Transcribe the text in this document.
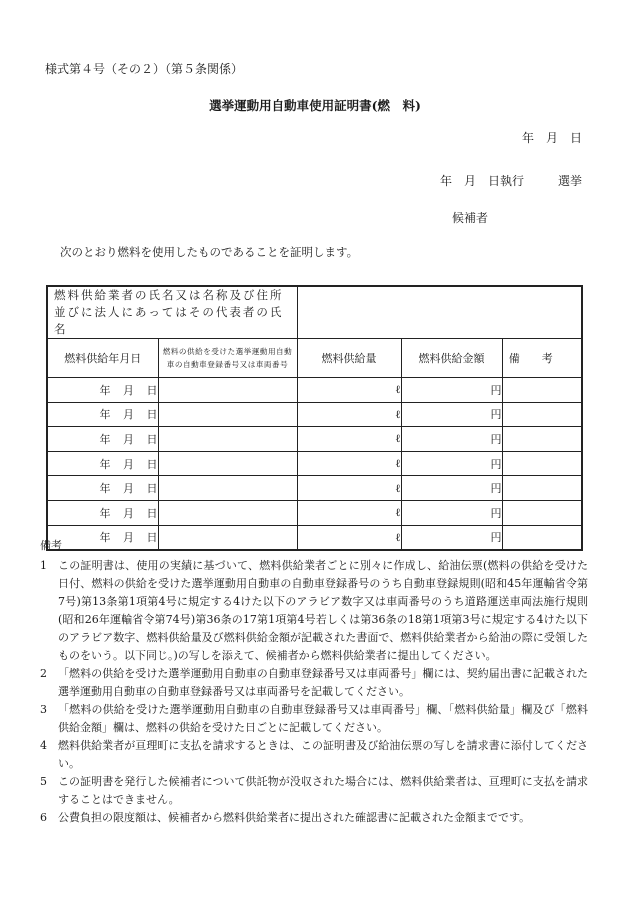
様式第４号（その２）（第５条関係）
選挙運動用自動車使用証明書(燃　料)
年　月　日
年　月　日執行	選挙
候補者
次のとおり燃料を使用したものであることを証明します。
燃料供給業者の氏名又は名称及び住所並びに法人にあってはその代表者の氏名				
燃料供給年月日	燃料の供給を受けた選挙運動用自動車の自動車登録番号又は車両番号	燃料供給量	燃料供給金額	備考
年 月 日		ℓ	円	
年 月 日		ℓ	円	
年 月 日		ℓ	円	
年 月 日		ℓ	円	
年 月 日		ℓ	円	
年 月 日		ℓ	円	
年 月 日		ℓ	円	
備考
1	この証明書は、使用の実績に基づいて、燃料供給業者ごとに別々に作成し、給油伝票(燃料の供給を受けた日付、燃料の供給を受けた選挙運動用自動車の自動車登録番号のうち自動車登録規則(昭和45年運輸省令第7号)第13条第1項第4号に規定する4けた以下のアラビア数字又は車両番号のうち道路運送車両法施行規則(昭和26年運輸省令第74号)第36条の17第1項第4号若しくは第36条の18第1項第3号に規定する4けた以下のアラビア数字、燃料供給量及び燃料供給金額が記載された書面で、燃料供給業者から給油の際に受領したものをいう。以下同じ。)の写しを添えて、候補者から燃料供給業者に提出してください。
2	「燃料の供給を受けた選挙運動用自動車の自動車登録番号又は車両番号」欄には、契約届出書に記載された選挙運動用自動車の自動車登録番号又は車両番号を記載してください。
3	「燃料の供給を受けた選挙運動用自動車の自動車登録番号又は車両番号」欄、「燃料供給量」欄及び「燃料供給金額」欄は、燃料の供給を受けた日ごとに記載してください。
4	燃料供給業者が亘理町に支払を請求するときは、この証明書及び給油伝票の写しを請求書に添付してください。
5	この証明書を発行した候補者について供託物が没収された場合には、燃料供給業者は、亘理町に支払を請求することはできません。
6	公費負担の限度額は、候補者から燃料供給業者に提出された確認書に記載された金額までです。
